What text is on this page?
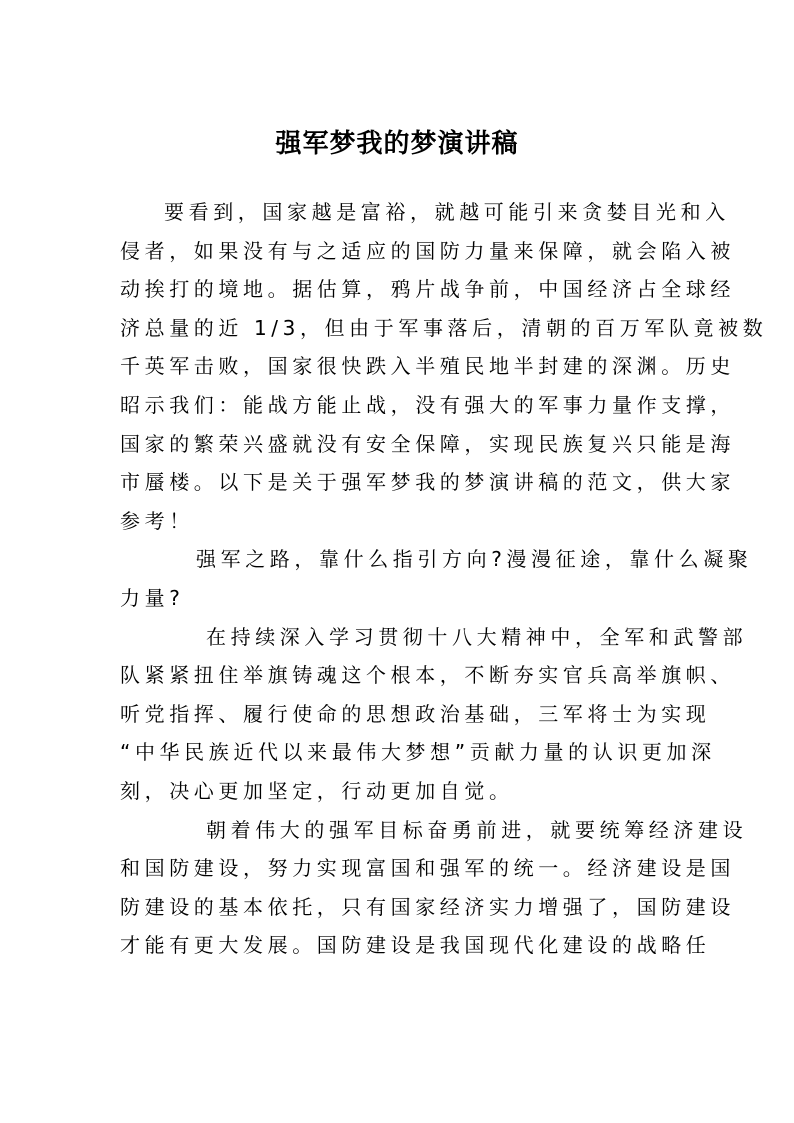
强军梦我的梦演讲稿
要看到，国家越是富裕，就越可能引来贪婪目光和入
侵者，如果没有与之适应的国防力量来保障，就会陷入被
动挨打的境地。据估算，鸦片战争前，中国经济占全球经
济总量的近 1/3，但由于军事落后，清朝的百万军队竟被数
千英军击败，国家很快跌入半殖民地半封建的深渊。历史
昭示我们：能战方能止战，没有强大的军事力量作支撑，
国家的繁荣兴盛就没有安全保障，实现民族复兴只能是海
市蜃楼。以下是关于强军梦我的梦演讲稿的范文，供大家
参考！
强军之路，靠什么指引方向?漫漫征途，靠什么凝聚
力量?
在持续深入学习贯彻十八大精神中，全军和武警部
队紧紧扭住举旗铸魂这个根本，不断夯实官兵高举旗帜、
听党指挥、履行使命的思想政治基础，三军将士为实现
“中华民族近代以来最伟大梦想”贡献力量的认识更加深
刻，决心更加坚定，行动更加自觉。
朝着伟大的强军目标奋勇前进，就要统筹经济建设
和国防建设，努力实现富国和强军的统一。经济建设是国
防建设的基本依托，只有国家经济实力增强了，国防建设
才能有更大发展。国防建设是我国现代化建设的战略任
